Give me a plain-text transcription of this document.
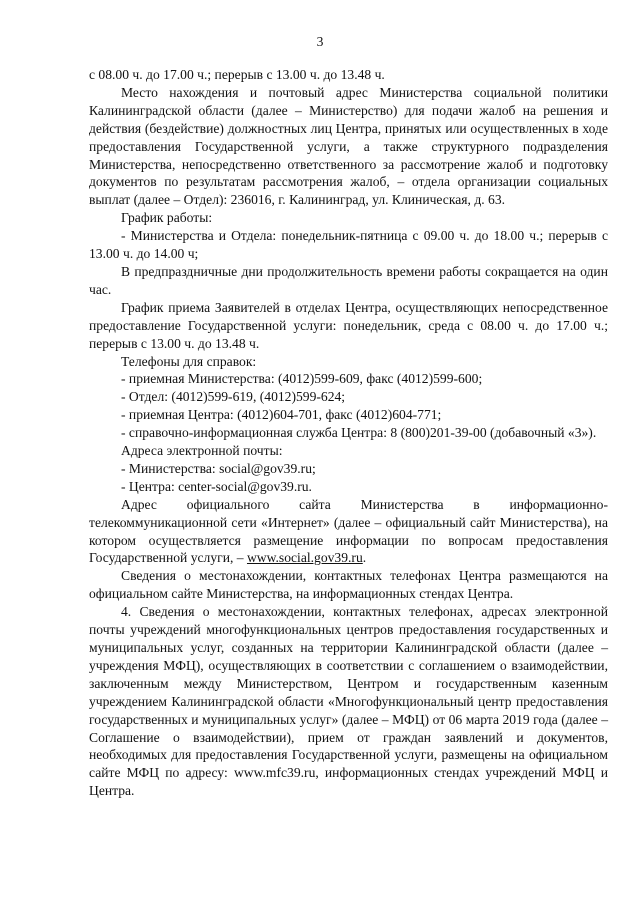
3

с 08.00 ч. до 17.00 ч.; перерыв с 13.00 ч. до 13.48 ч.

Место нахождения и почтовый адрес Министерства социальной политики Калининградской области (далее – Министерство) для подачи жалоб на решения и действия (бездействие) должностных лиц Центра, принятых или осуществленных в ходе предоставления Государственной услуги, а также структурного подразделения Министерства, непосредственно ответственного за рассмотрение жалоб и подготовку документов по результатам рассмотрения жалоб, – отдела организации социальных выплат (далее – Отдел): 236016, г. Калининград, ул. Клиническая, д. 63.

График работы:

- Министерства и Отдела: понедельник-пятница с 09.00 ч. до 18.00 ч.; перерыв с 13.00 ч. до 14.00 ч;

В предпраздничные дни продолжительность времени работы сокращается на один час.

График приема Заявителей в отделах Центра, осуществляющих непосредственное предоставление Государственной услуги: понедельник, среда с 08.00 ч. до 17.00 ч.; перерыв с 13.00 ч. до 13.48 ч.

Телефоны для справок:

- приемная Министерства: (4012)599-609, факс (4012)599-600;

- Отдел: (4012)599-619, (4012)599-624;

- приемная Центра: (4012)604-701, факс (4012)604-771;

- справочно-информационная служба Центра: 8 (800)201-39-00 (добавочный «3»).

Адреса электронной почты:

- Министерства: social@gov39.ru;

- Центра: center-social@gov39.ru.

Адрес официального сайта Министерства в информационно-телекоммуникационной сети «Интернет» (далее – официальный сайт Министерства), на котором осуществляется размещение информации по вопросам предоставления Государственной услуги, – www.social.gov39.ru.

Сведения о местонахождении, контактных телефонах Центра размещаются на официальном сайте Министерства, на информационных стендах Центра.

4. Сведения о местонахождении, контактных телефонах, адресах электронной почты учреждений многофункциональных центров предоставления государственных и муниципальных услуг, созданных на территории Калининградской области (далее – учреждения МФЦ), осуществляющих в соответствии с соглашением о взаимодействии, заключенным между Министерством, Центром и государственным казенным учреждением Калининградской области «Многофункциональный центр предоставления государственных и муниципальных услуг» (далее – МФЦ) от 06 марта 2019 года (далее – Соглашение о взаимодействии), прием от граждан заявлений и документов, необходимых для предоставления Государственной услуги, размещены на официальном сайте МФЦ по адресу: www.mfc39.ru, информационных стендах учреждений МФЦ и Центра.
